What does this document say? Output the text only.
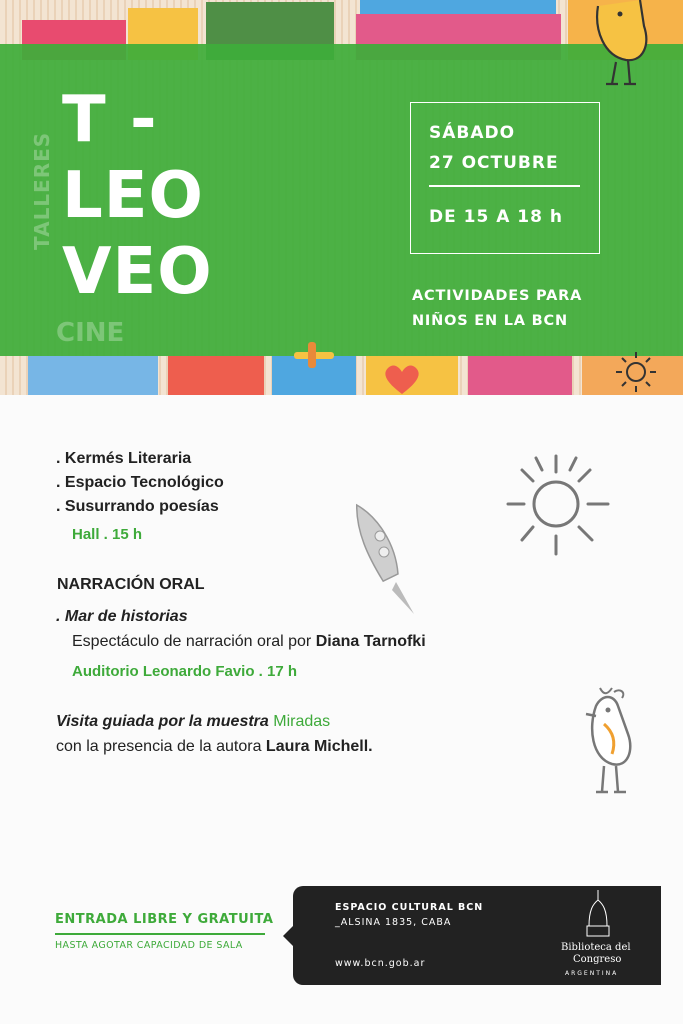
TALLERES
CINE
T -
LEO
VEO
SÁBADO
27 OCTUBRE
DE 15 A 18 h
ACTIVIDADES PARA
NIÑOS EN LA BCN
. Kermés Literaria
. Espacio Tecnológico
. Susurrando poesías
Hall . 15 h
NARRACIÓN ORAL
. Mar de historias
Espectáculo de narración oral por Diana Tarnofki
Auditorio Leonardo Favio . 17 h
Visita guiada por la muestra Miradas
con la presencia de la autora Laura Michell.
ENTRADA LIBRE Y GRATUITA
HASTA AGOTAR CAPACIDAD DE SALA
ESPACIO CULTURAL BCN
_ALSINA 1835, CABA
www.bcn.gob.ar
Biblioteca del
Congreso
ARGENTINA
